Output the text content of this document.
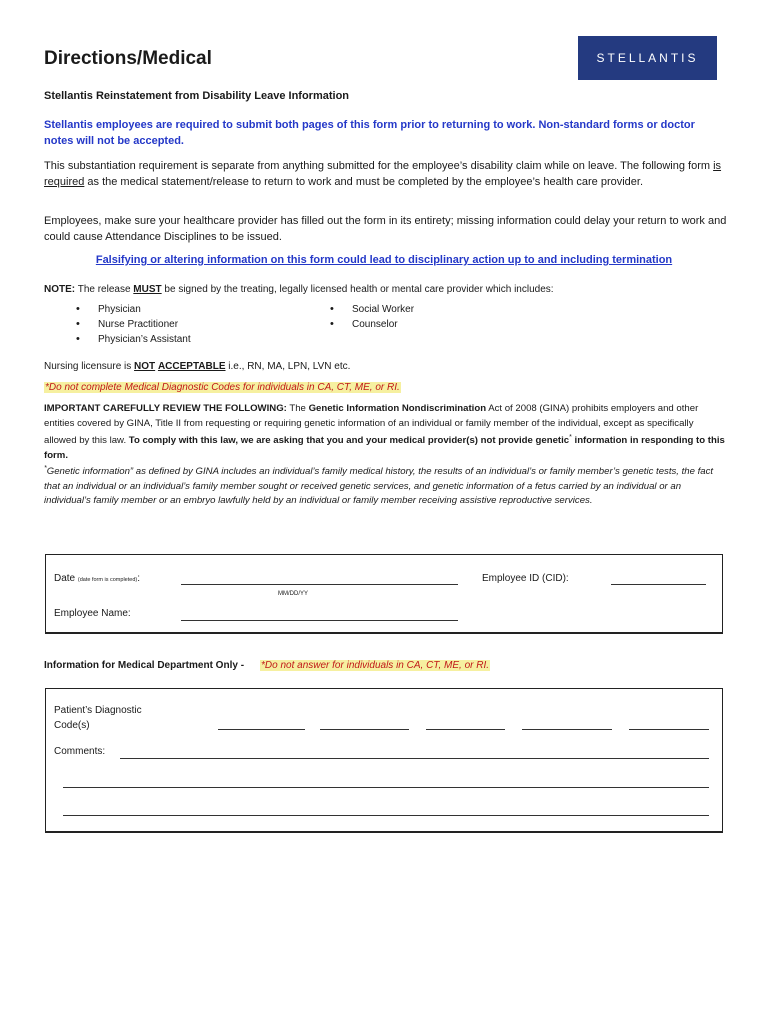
Directions/Medical	STELLANTIS
Stellantis Reinstatement from Disability Leave Information
Stellantis employees are required to submit both pages of this form prior to returning to work. Non-standard forms or doctor notes will not be accepted.
This substantiation requirement is separate from anything submitted for the employee’s disability claim while on leave. The following form is required as the medical statement/release to return to work and must be completed by the employee’s health care provider.
Employees, make sure your healthcare provider has filled out the form in its entirety; missing information could delay your return to work and could cause Attendance Disciplines to be issued.
Falsifying or altering information on this form could lead to disciplinary action up to and including termination
NOTE: The release MUST be signed by the treating, legally licensed health or mental care provider which includes:
• Physician
• Nurse Practitioner
• Physician’s Assistant
• Social Worker
• Counselor
Nursing licensure is NOT ACCEPTABLE i.e., RN, MA, LPN, LVN etc.
*Do not complete Medical Diagnostic Codes for individuals in CA, CT, ME, or RI.
IMPORTANT CAREFULLY REVIEW THE FOLLOWING: The Genetic Information Nondiscrimination Act of 2008 (GINA) prohibits employers and other entities covered by GINA, Title II from requesting or requiring genetic information of an individual or family member of the individual, except as specifically allowed by this law. To comply with this law, we are asking that you and your medical provider(s) not provide genetic* information in responding to this form.
*Genetic information” as defined by GINA includes an individual’s family medical history, the results of an individual’s or family member’s genetic tests, the fact that an individual or an individual’s family member sought or received genetic services, and genetic information of a fetus carried by an individual or an individual’s family member or an embryo lawfully held by an individual or family member receiving assistive reproductive services.
Date (date form is completed):
MM/DD/YY
Employee ID (CID):
Employee Name:
Information for Medical Department Only - *Do not answer for individuals in CA, CT, ME, or RI.
Patient’s Diagnostic
Code(s)
Comments:
